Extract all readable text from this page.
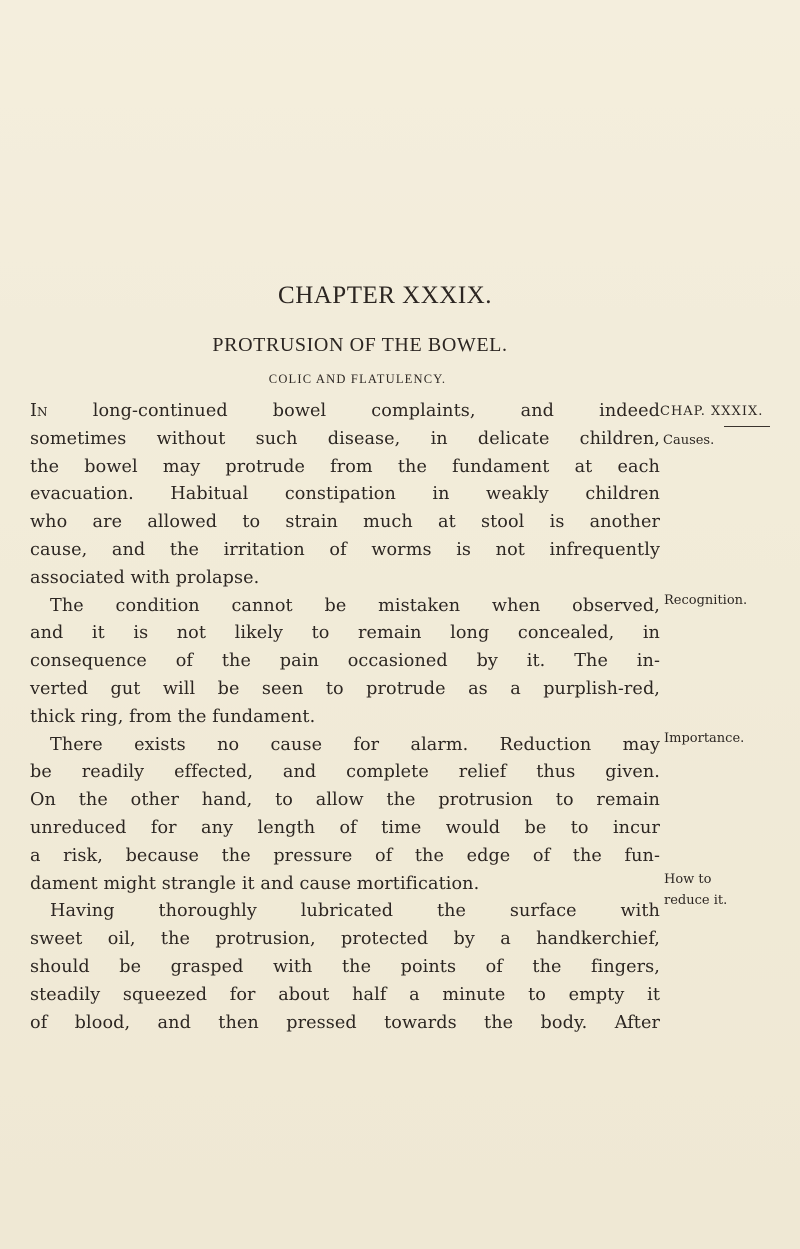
CHAPTER XXXIX.
PROTRUSION OF THE BOWEL.
COLIC AND FLATULENCY.
In long-continued bowel complaints, and indeed
sometimes without such disease, in delicate children,
the bowel may protrude from the fundament at each
evacuation. Habitual constipation in weakly children
who are allowed to strain much at stool is another
cause, and the irritation of worms is not infrequently
associated with prolapse.
The condition cannot be mistaken when observed,
and it is not likely to remain long concealed, in
consequence of the pain occasioned by it. The in-
verted gut will be seen to protrude as a purplish-red,
thick ring, from the fundament.
There exists no cause for alarm. Reduction may
be readily effected, and complete relief thus given.
On the other hand, to allow the protrusion to remain
unreduced for any length of time would be to incur
a risk, because the pressure of the edge of the fun-
dament might strangle it and cause mortification.
Having thoroughly lubricated the surface with
sweet oil, the protrusion, protected by a handkerchief,
should be grasped with the points of the fingers,
steadily squeezed for about half a minute to empty it
of blood, and then pressed towards the body. After
CHAP. XXXIX.
Causes.
Recognition.
Importance.
How to
reduce it.
